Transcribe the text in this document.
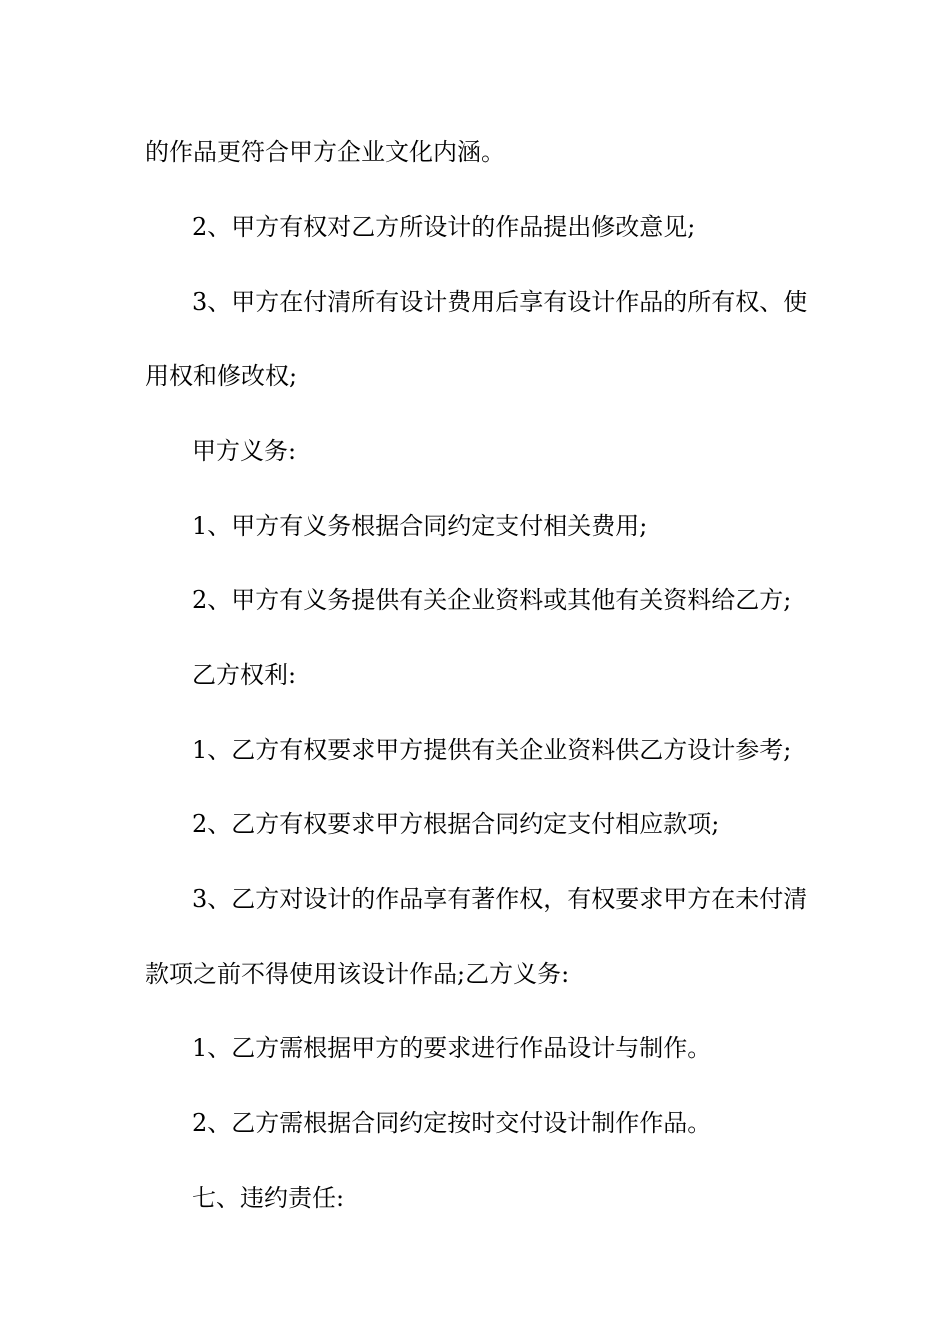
的作品更符合甲方企业文化内涵。
2、甲方有权对乙方所设计的作品提出修改意见;
3、甲方在付清所有设计费用后享有设计作品的所有权、使
用权和修改权;
甲方义务:
1、甲方有义务根据合同约定支付相关费用;
2、甲方有义务提供有关企业资料或其他有关资料给乙方;
乙方权利:
1、乙方有权要求甲方提供有关企业资料供乙方设计参考;
2、乙方有权要求甲方根据合同约定支付相应款项;
3、乙方对设计的作品享有著作权，有权要求甲方在未付清
款项之前不得使用该设计作品;乙方义务:
1、乙方需根据甲方的要求进行作品设计与制作。
2、乙方需根据合同约定按时交付设计制作作品。
七、违约责任:
